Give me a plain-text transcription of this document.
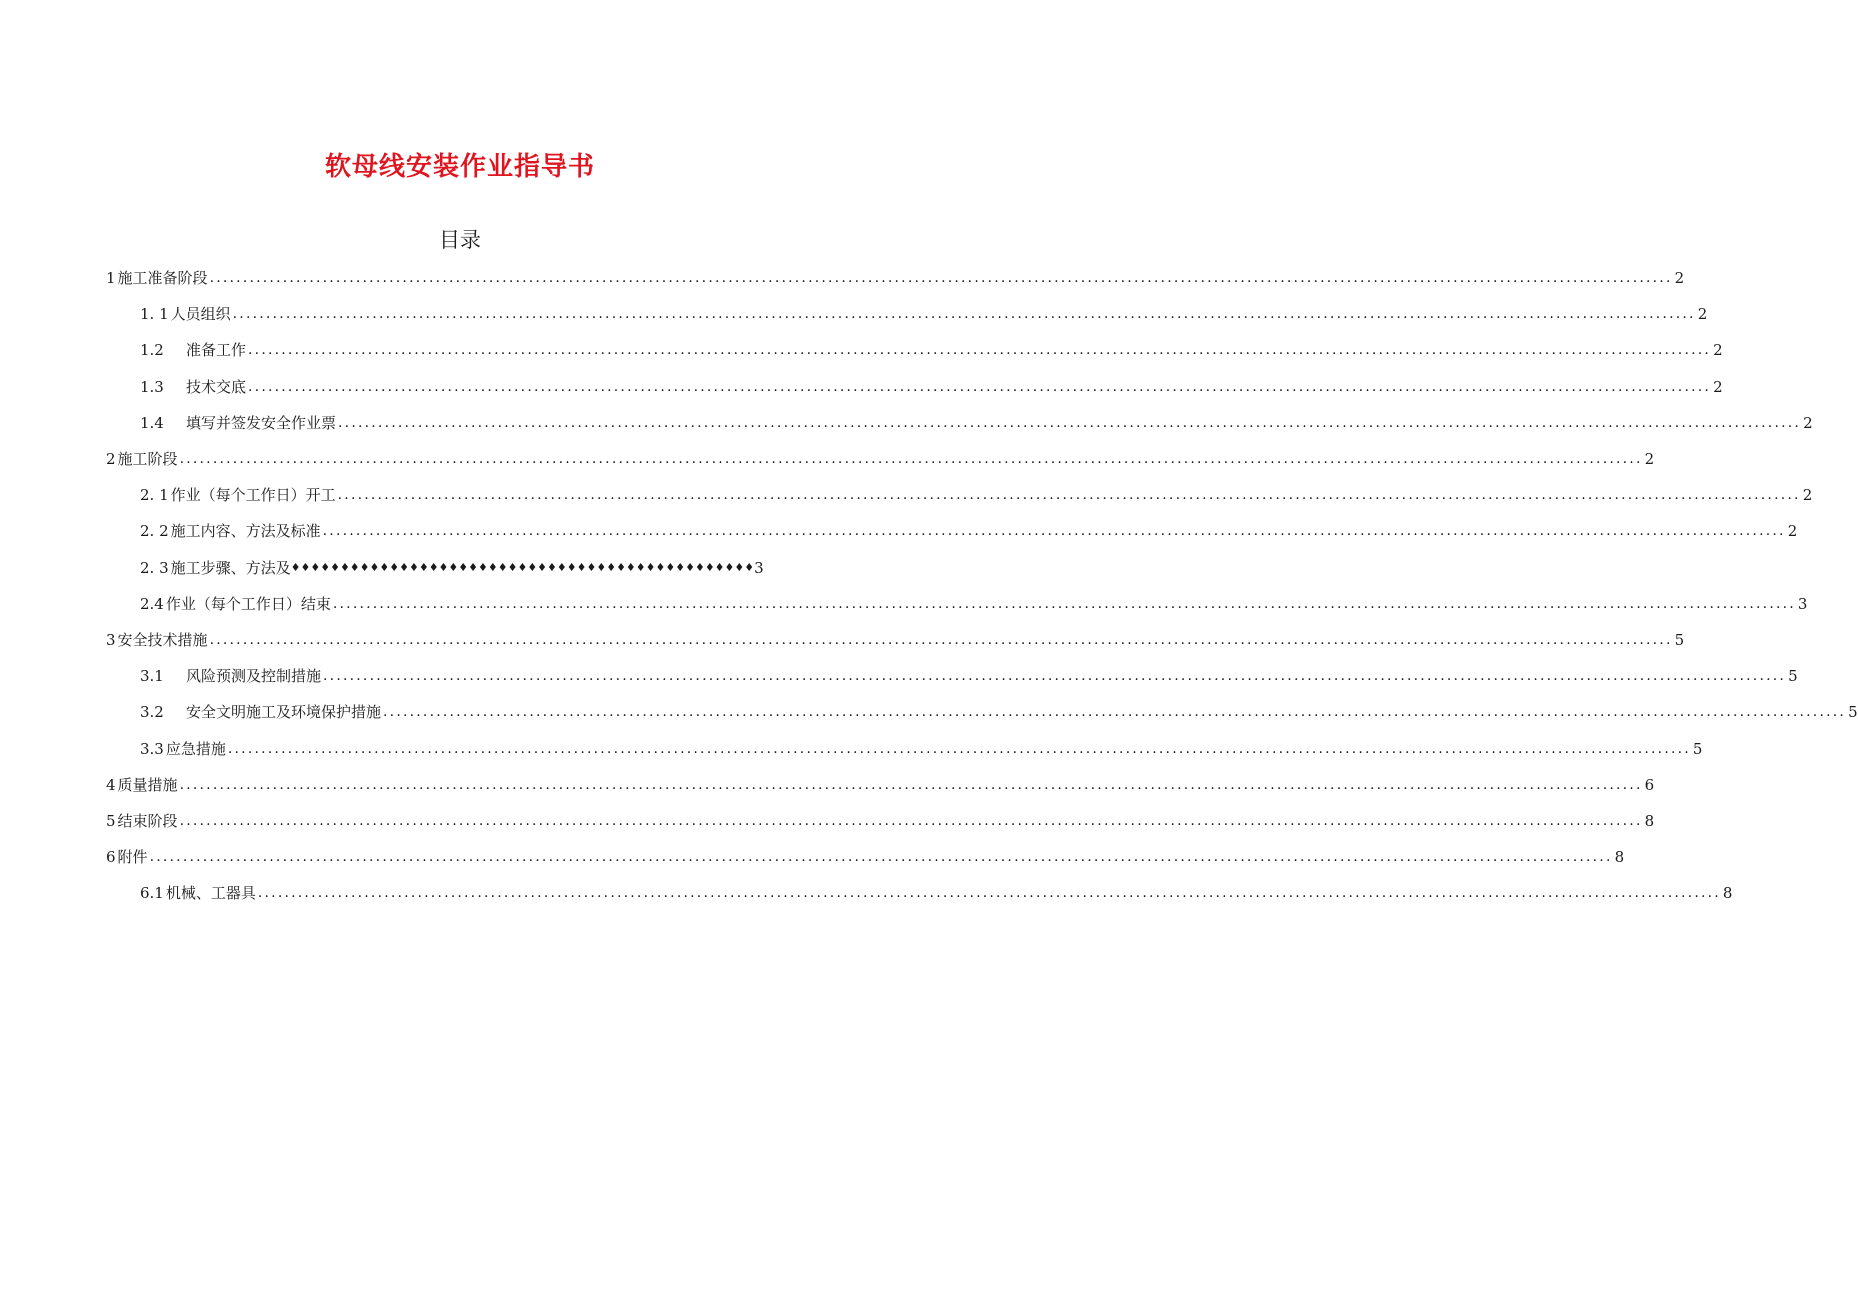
软母线安装作业指导书
目录
1 施工准备阶段 ............................................................................................................................................................................................................................ 2
1. 1 人员组织 ............................................................................................................................................................................................................................ 2
1.2	准备工作 ............................................................................................................................................................................................................................ 2
1.3	技术交底 ............................................................................................................................................................................................................................ 2
1.4	填写并签发安全作业票 ............................................................................................................................................................................................................................ 2
2 施工阶段 ............................................................................................................................................................................................................................ 2
2. 1 作业（每个工作日）开工 ............................................................................................................................................................................................................................ 2
2. 2 施工内容、方法及标准 ............................................................................................................................................................................................................................ 2
2. 3 施工步骤、方法及 ♦♦♦♦♦♦♦♦♦♦♦♦♦♦♦♦♦♦♦♦♦♦♦♦♦♦♦♦♦♦♦♦♦♦♦♦♦♦♦♦♦♦♦♦♦♦♦ 3
2.4 作业（每个工作日）结束 ............................................................................................................................................................................................................................ 3
3 安全技术措施 ............................................................................................................................................................................................................................ 5
3.1	风险预测及控制措施 ............................................................................................................................................................................................................................ 5
3.2	安全文明施工及环境保护措施 ............................................................................................................................................................................................................................ 5
3.3 应急措施 ............................................................................................................................................................................................................................ 5
4 质量措施 ............................................................................................................................................................................................................................ 6
5 结束阶段 ............................................................................................................................................................................................................................ 8
6 附件 ............................................................................................................................................................................................................................ 8
6.1 机械、工器具 ............................................................................................................................................................................................................................ 8
